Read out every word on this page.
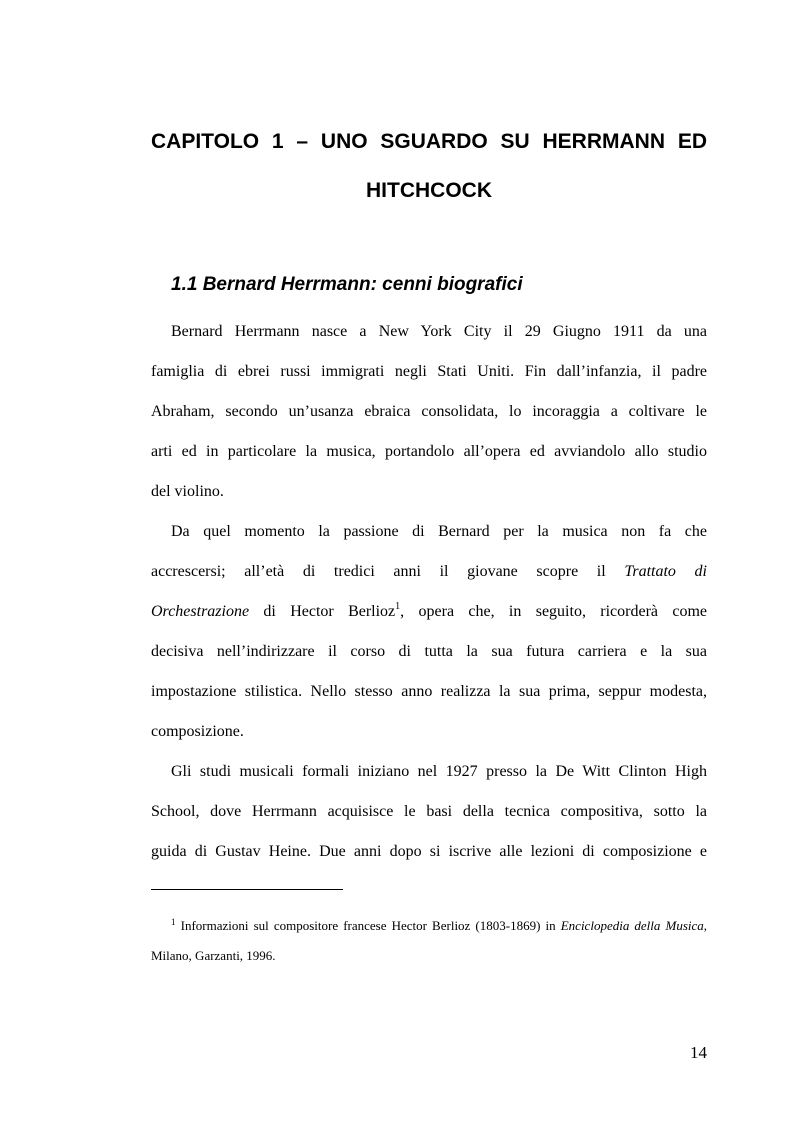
CAPITOLO 1 – UNO SGUARDO SU HERRMANN ED
HITCHCOCK
1.1 Bernard Herrmann: cenni biografici
Bernard Herrmann nasce a New York City il 29 Giugno 1911 da una
famiglia di ebrei russi immigrati negli Stati Uniti. Fin dall’infanzia, il padre
Abraham, secondo un’usanza ebraica consolidata, lo incoraggia a coltivare le
arti ed in particolare la musica, portandolo all’opera ed avviandolo allo studio
del violino.
Da quel momento la passione di Bernard per la musica non fa che
accrescersi; all’età di tredici anni il giovane scopre il Trattato di
Orchestrazione di Hector Berlioz$^1$, opera che, in seguito, ricorderà come
decisiva nell’indirizzare il corso di tutta la sua futura carriera e la sua
impostazione stilistica. Nello stesso anno realizza la sua prima, seppur modesta,
composizione.
Gli studi musicali formali iniziano nel 1927 presso la De Witt Clinton High
School, dove Herrmann acquisisce le basi della tecnica compositiva, sotto la
guida di Gustav Heine. Due anni dopo si iscrive alle lezioni di composizione e
$^1$ Informazioni sul compositore francese Hector Berlioz (1803-1869) in Enciclopedia della Musica,
Milano, Garzanti, 1996.
14
